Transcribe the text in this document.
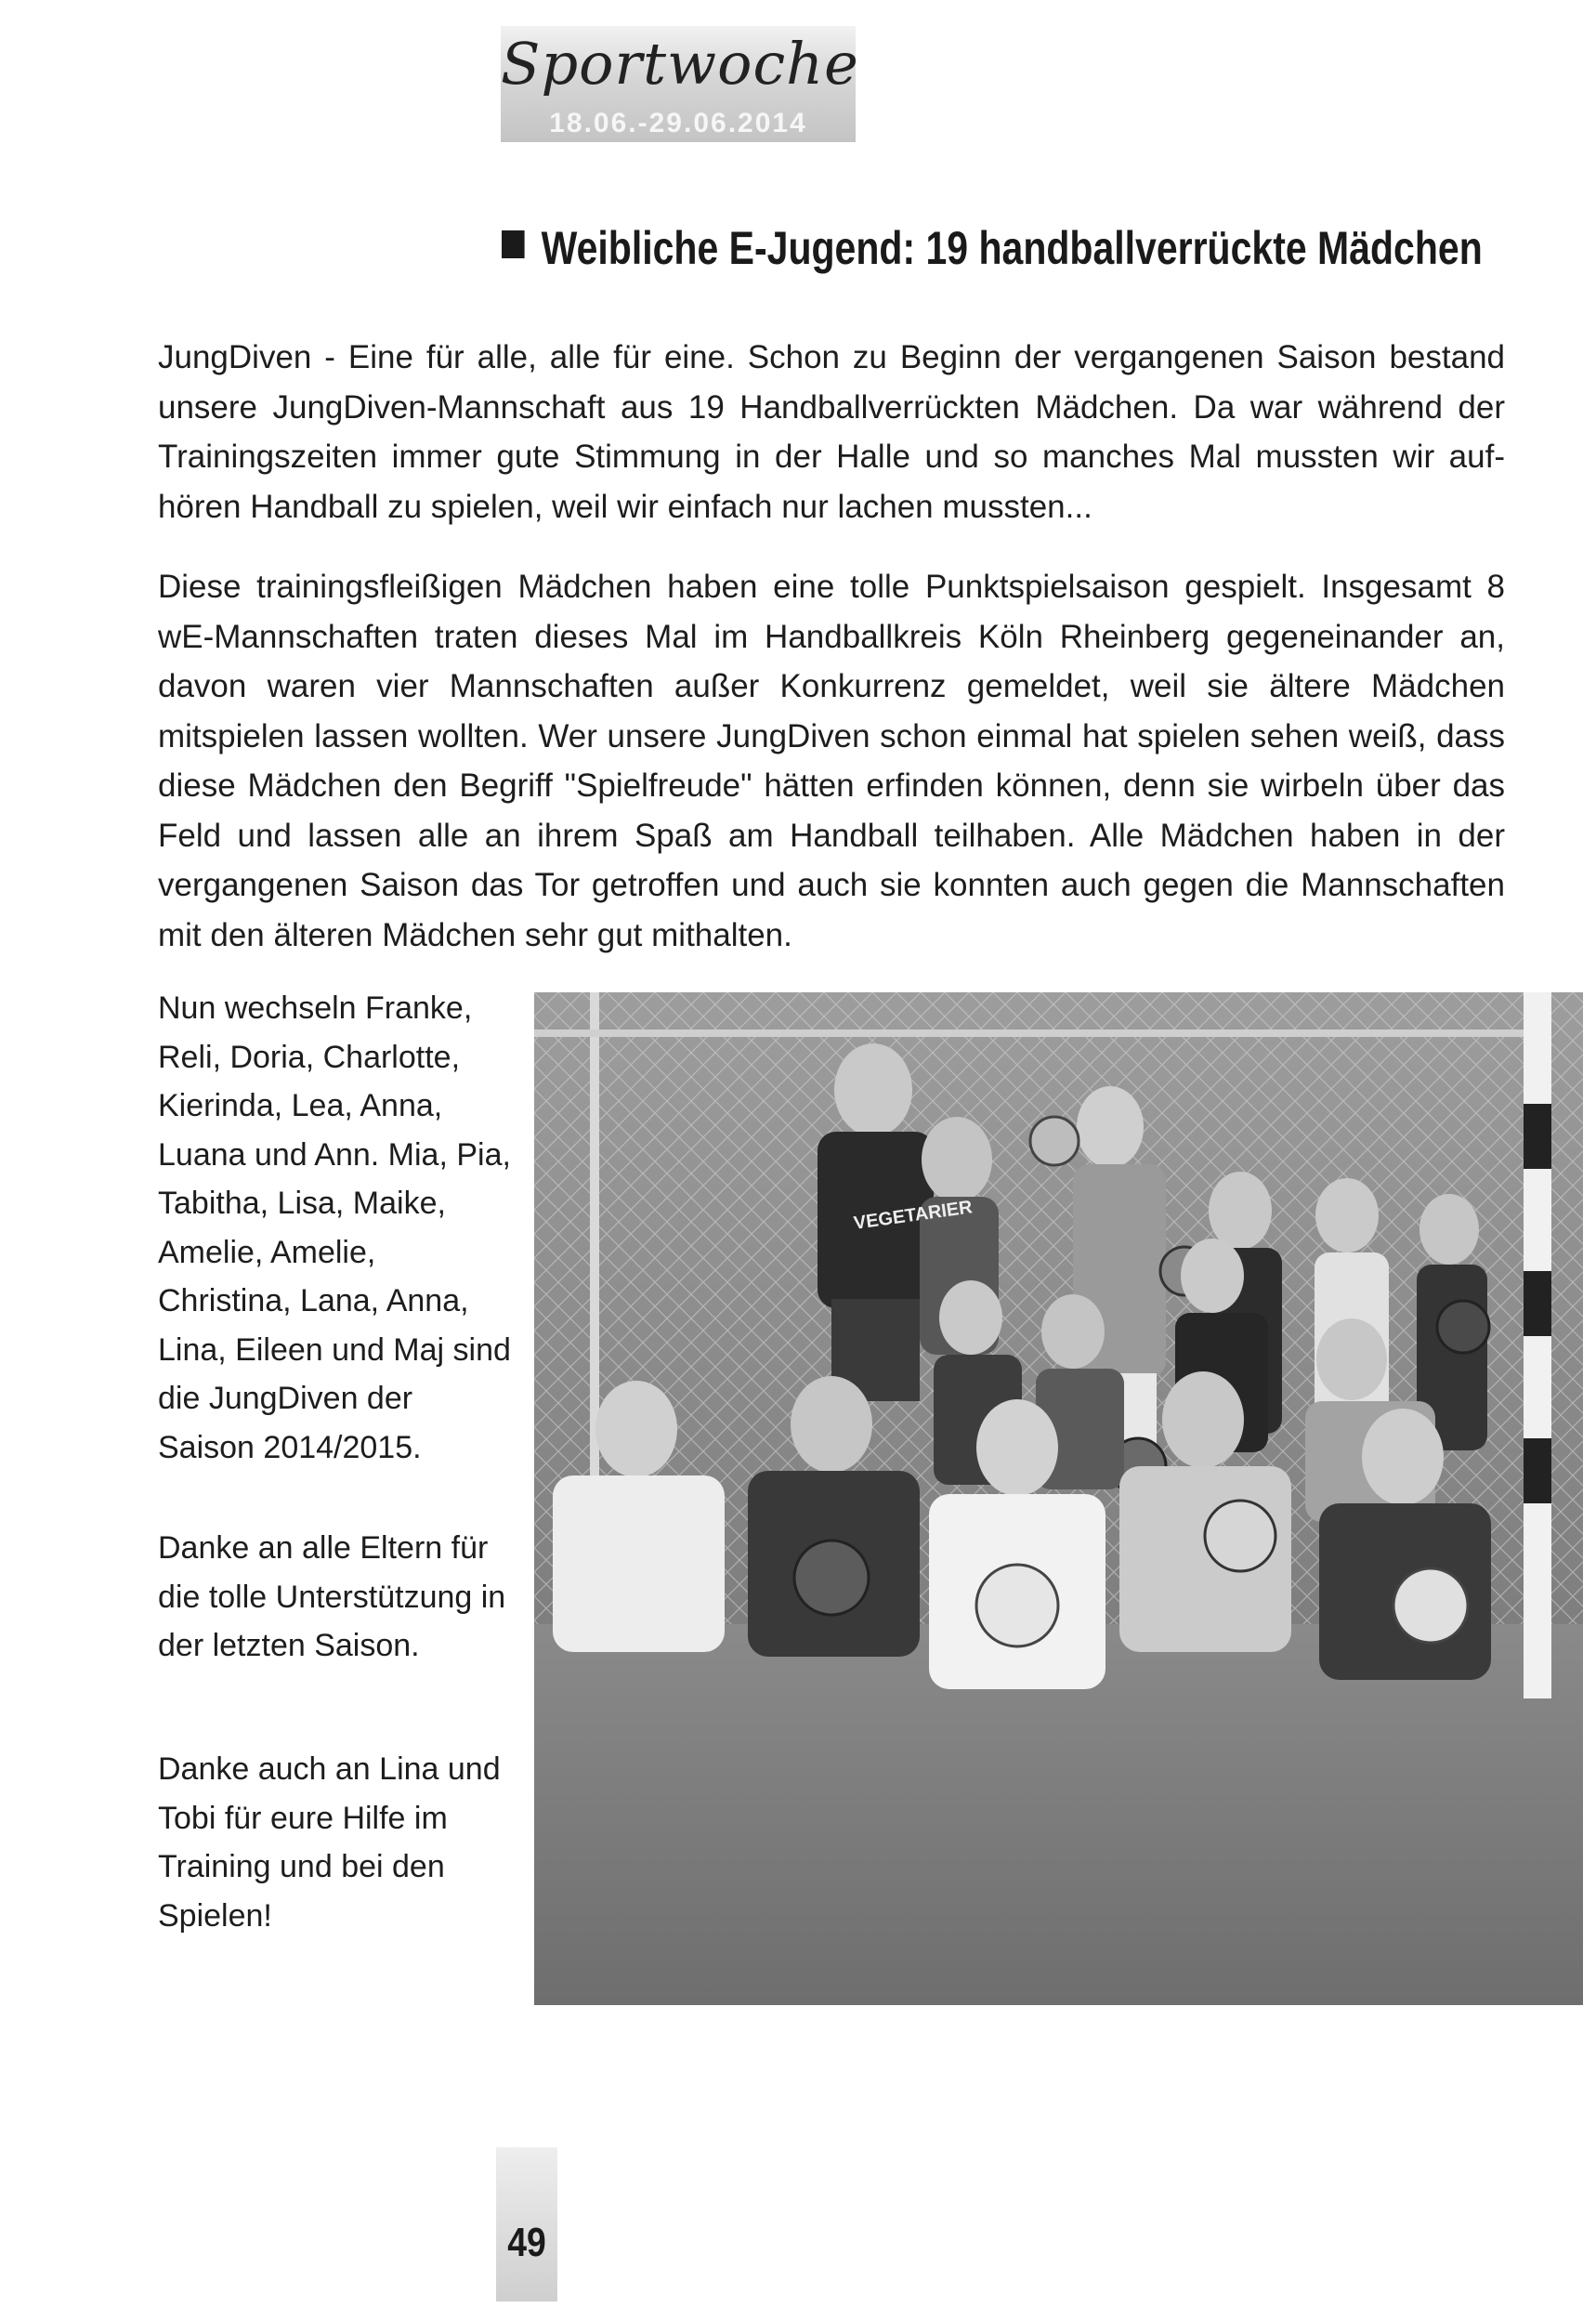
Sportwoche
18.06.-29.06.2014
Weibliche E-Jugend: 19 handballverrückte Mädchen

JungDiven - Eine für alle, alle für eine. Schon zu Beginn der vergangenen Saison bestand unsere JungDiven-Mannschaft aus 19 Handballverrückten Mädchen. Da war während der Trainingszeiten immer gute Stimmung in der Halle und so manches Mal mussten wir aufhören Handball zu spielen, weil wir einfach nur lachen mussten...

Diese trainingsfleißigen Mädchen haben eine tolle Punktspielsaison gespielt. Insgesamt 8 wE-Mannschaften traten dieses Mal im Handballkreis Köln Rheinberg gegeneinander an, davon waren vier Mannschaften außer Konkurrenz gemeldet, weil sie ältere Mädchen mitspielen lassen wollten. Wer unsere JungDiven schon einmal hat spielen sehen weiß, dass diese Mädchen den Begriff "Spielfreude" hätten erfinden können, denn sie wirbeln über das Feld und lassen alle an ihrem Spaß am Handball teilhaben. Alle Mädchen haben in der vergangenen Saison das Tor getroffen und auch sie konnten auch gegen die Mannschaften mit den älteren Mädchen sehr gut mithalten.

Nun wechseln Franke, Reli, Doria, Charlotte, Kierinda, Lea, Anna, Luana und Ann. Mia, Pia, Tabitha, Lisa, Maike, Amelie, Amelie, Christina, Lana, Anna, Lina, Eileen und Maj sind die JungDiven der Saison 2014/2015.

Danke an alle Eltern für die tolle Unterstützung in der letzten Saison.

Danke auch an Lina und Tobi für eure Hilfe im Training und bei den Spielen!

VEGETARIER
49
